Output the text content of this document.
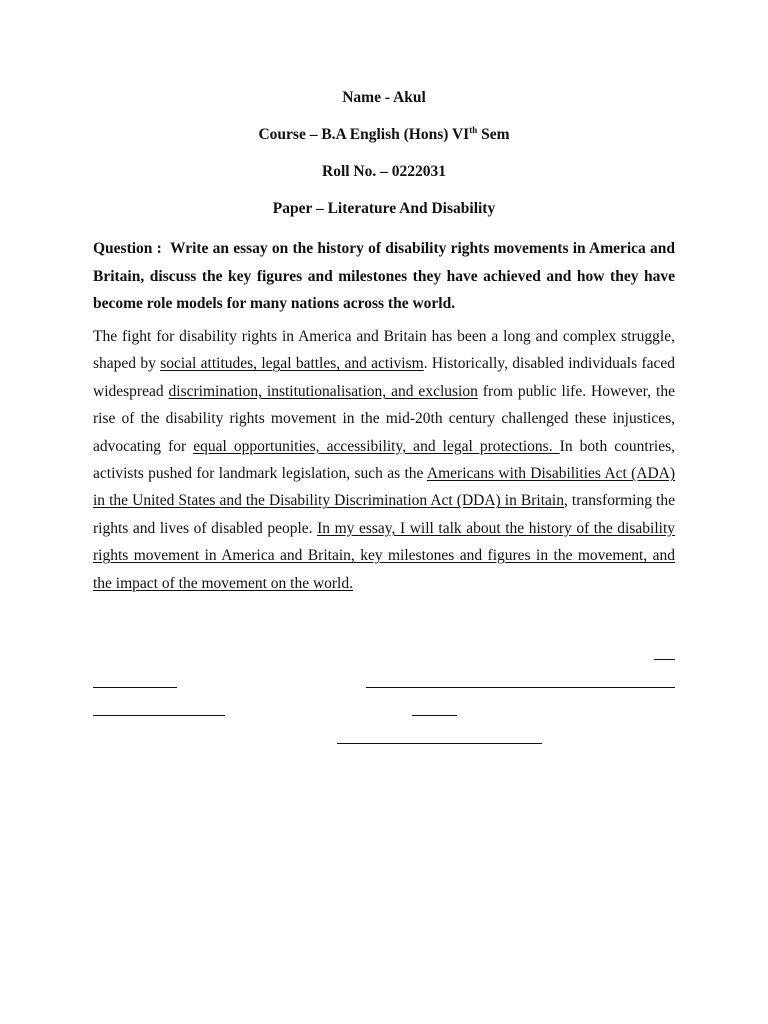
Name - Akul
Course – B.A English (Hons) VIth Sem
Roll No. – 0222031
Paper – Literature And Disability
Question :  Write an essay on the history of disability rights movements in America and Britain, discuss the key figures and milestones they have achieved and how they have become role models for many nations across the world.
The fight for disability rights in America and Britain has been a long and complex struggle, shaped by social attitudes, legal battles, and activism. Historically, disabled individuals faced widespread discrimination, institutionalisation, and exclusion from public life. However, the rise of the disability rights movement in the mid-20th century challenged these injustices, advocating for equal opportunities, accessibility, and legal protections. In both countries, activists pushed for landmark legislation, such as the Americans with Disabilities Act (ADA) in the United States and the Disability Discrimination Act (DDA) in Britain, transforming the rights and lives of disabled people. In my essay, I will talk about the history of the disability rights movement in America and Britain, key milestones and figures in the movement, and the impact of the movement on the world.
